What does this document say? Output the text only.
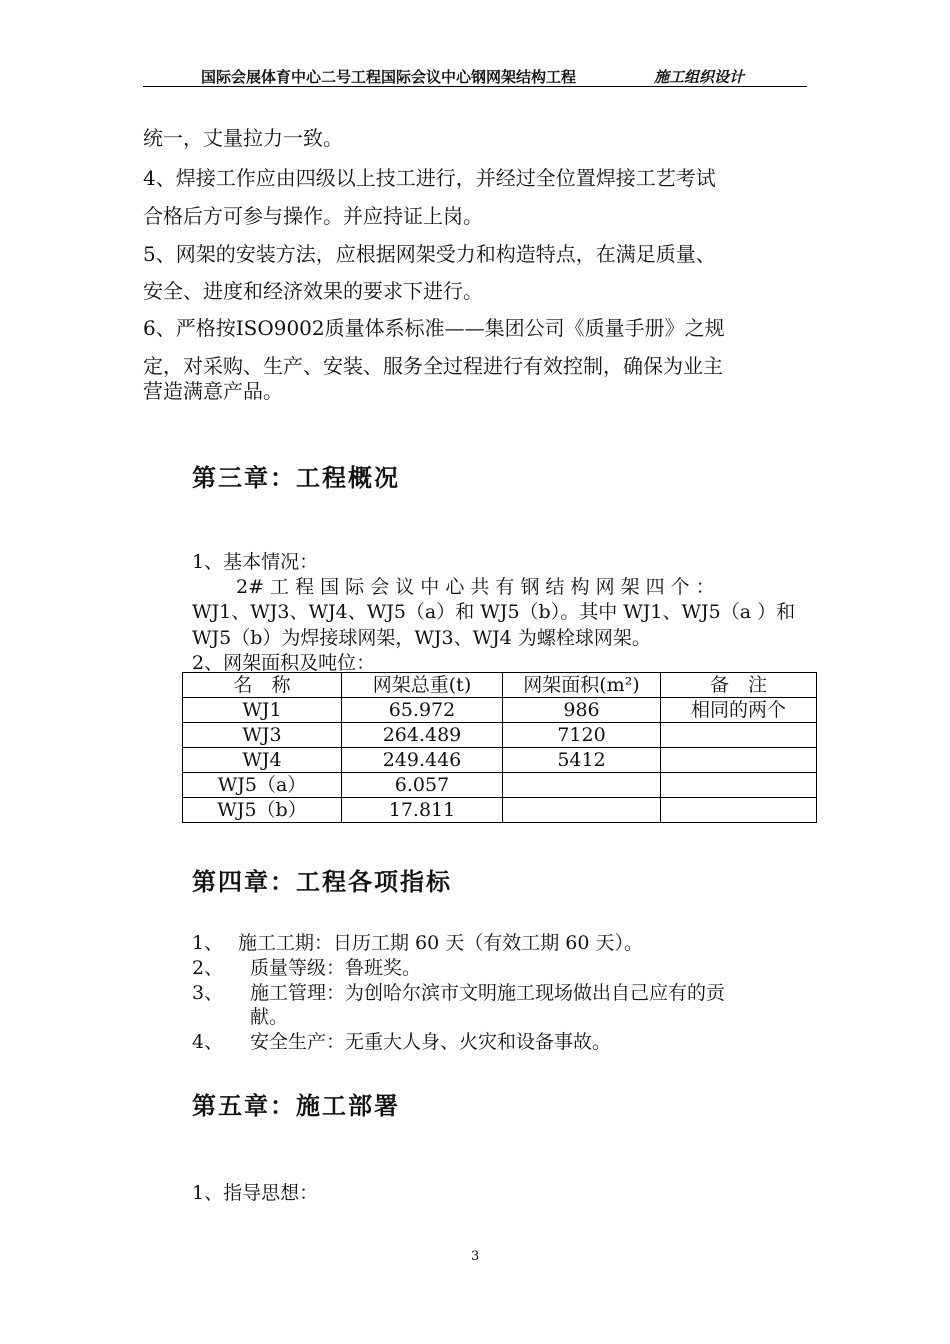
国际会展体育中心二号工程国际会议中心钢网架结构工程	施工组织设计
统一，丈量拉力一致。
4、焊接工作应由四级以上技工进行，并经过全位置焊接工艺考试
合格后方可参与操作。并应持证上岗。
5、网架的安装方法，应根据网架受力和构造特点，在满足质量、
安全、进度和经济效果的要求下进行。
6、严格按ISO9002质量体系标准——集团公司《质量手册》之规
定，对采购、生产、安装、服务全过程进行有效控制，确保为业主
营造满意产品。
第三章：工程概况
1、基本情况：
2# 工 程 国 际 会 议 中 心 共 有 钢 结 构 网 架 四 个 ：
WJ1、WJ3、WJ4、WJ5（a）和 WJ5（b）。其中 WJ1、WJ5（a ）和
WJ5（b）为焊接球网架，WJ3、WJ4 为螺栓球网架。
2、网架面积及吨位：
名　称	网架总重(t)	网架面积(m²)	备　注
WJ1	65.972	986	相同的两个
WJ3	264.489	7120	
WJ4	249.446	5412	
WJ5（a）	6.057		
WJ5（b）	17.811		
第四章：工程各项指标
1、 施工工期：日历工期 60 天（有效工期 60 天）。
2、 质量等级：鲁班奖。
3、 施工管理：为创哈尔滨市文明施工现场做出自己应有的贡
献。
4、 安全生产：无重大人身、火灾和设备事故。
第五章：施工部署
1、指导思想：
3
